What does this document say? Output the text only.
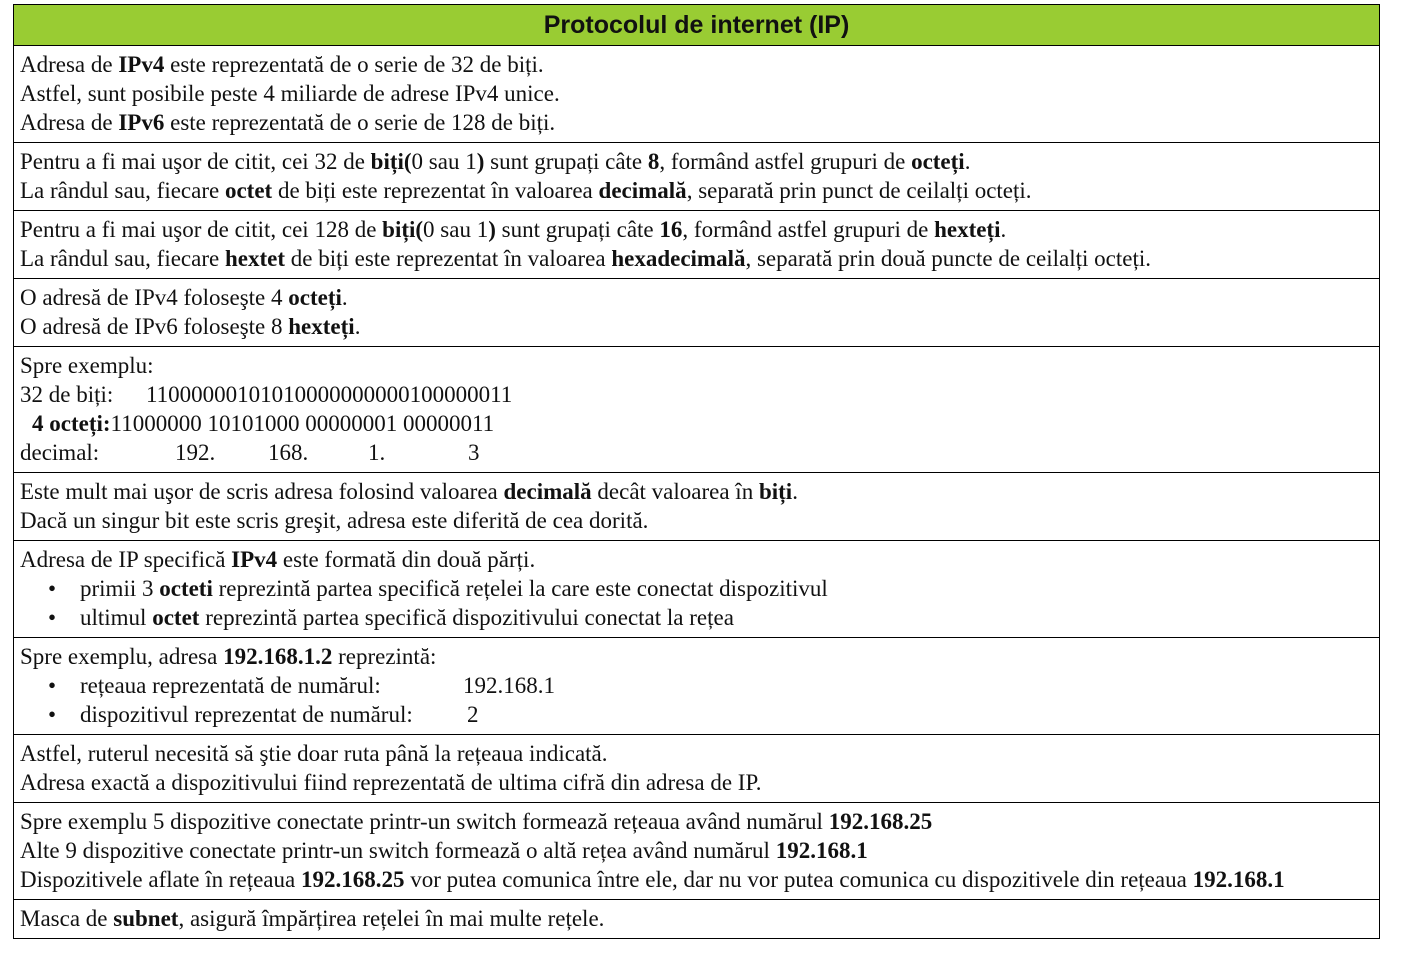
Protocolul de internet (IP)
Adresa de IPv4 este reprezentată de o serie de 32 de biți.
Astfel, sunt posibile peste 4 miliarde de adrese IPv4 unice.
Adresa de IPv6 este reprezentată de o serie de 128 de biți.
Pentru a fi mai uşor de citit, cei 32 de biți(0 sau 1) sunt grupați câte 8, formând astfel grupuri de octeți.
La rândul sau, fiecare octet de biți este reprezentat în valoarea decimală, separată prin punct de ceilalți octeți.
Pentru a fi mai uşor de citit, cei 128 de biți(0 sau 1) sunt grupați câte 16, formând astfel grupuri de hexteți.
La rândul sau, fiecare hextet de biți este reprezentat în valoarea hexadecimală, separată prin două puncte de ceilalți octeți.
O adresă de IPv4 foloseşte 4 octeți.
O adresă de IPv6 foloseşte 8 hexteți.
Spre exemplu:
32 de biți: 11000000101010000000000100000011
4 octeți:11000000 10101000 00000001 00000011
decimal:	192. 168.	1.	3
Este mult mai uşor de scris adresa folosind valoarea decimală decât valoarea în biți.
Dacă un singur bit este scris greşit, adresa este diferită de cea dorită.
Adresa de IP specifică IPv4 este formată din două părți.
• primii 3 octeti reprezintă partea specifică rețelei la care este conectat dispozitivul
• ultimul octet reprezintă partea specifică dispozitivului conectat la rețea
Spre exemplu, adresa 192.168.1.2 reprezintă:
• rețeaua reprezentată de numărul:	192.168.1
• dispozitivul reprezentat de numărul: 2
Astfel, ruterul necesită să ştie doar ruta până la rețeaua indicată.
Adresa exactă a dispozitivului fiind reprezentată de ultima cifră din adresa de IP.
Spre exemplu 5 dispozitive conectate printr-un switch formează rețeaua având numărul 192.168.25
Alte 9 dispozitive conectate printr-un switch formează o altă rețea având numărul 192.168.1
Dispozitivele aflate în rețeaua 192.168.25 vor putea comunica între ele, dar nu vor putea comunica cu dispozitivele din rețeaua 192.168.1
Masca de subnet, asigură împărțirea rețelei în mai multe rețele.
